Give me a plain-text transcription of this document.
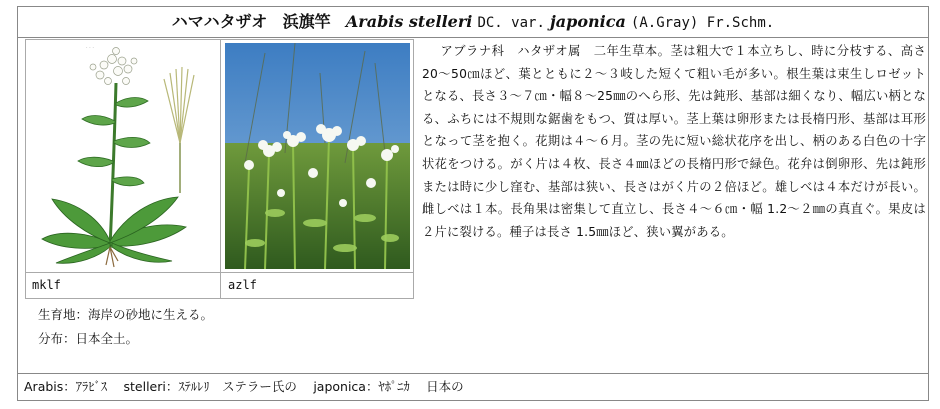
ハマハタザオ 浜旗竿 Arabis stelleri DC. var. japonica (A.Gray) Fr.Schm.
· · ·
mklf	azlf

アブラナ科　ハタザオ属　二年生草本。茎は粗大で１本立ちし、時に分枝する、高さ 20～50㎝ほど、葉とともに２～３岐した短くて粗い毛が多い。根生葉は束生しロゼットとなる、長さ３～７㎝・幅８～25㎜のへら形、先は鈍形、基部は細くなり、幅広い柄となる、ふちには不規則な鋸歯をもつ、質は厚い。茎上葉は卵形または長楕円形、基部は耳形となって茎を抱く。花期は４～６月。茎の先に短い総状花序を出し、柄のある白色の十字状花をつける。がく片は４枚、長さ４㎜ほどの長楕円形で緑色。花弁は倒卵形、先は鈍形または時に少し窪む、基部は狭い、長さはがく片の２倍ほど。雄しべは４本だけが長い。雌しべは１本。長角果は密集して直立し、長さ４～６㎝・幅 1.2～２㎜の真直ぐ。果皮は２片に裂ける。種子は長さ 1.5㎜ほど、狭い翼がある。

生育地：海岸の砂地に生える。
分布：日本全土。
Arabis：ｱﾗﾋﾞｽ　 stelleri：ｽﾃﾙﾚﾘ　ステラー氏の　 japonica：ﾔﾎﾟﾆｶ　 日本の
